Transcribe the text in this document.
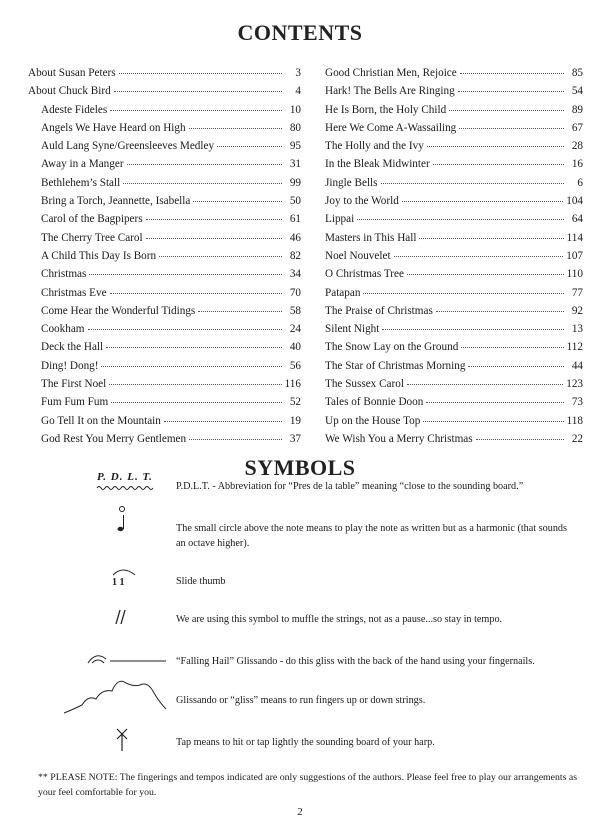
CONTENTS
About Susan Peters	3
About Chuck Bird	4
Adeste Fideles	10
Angels We Have Heard on High	80
Auld Lang Syne/Greensleeves Medley	95
Away in a Manger	31
Bethlehem’s Stall	99
Bring a Torch, Jeannette, Isabella	50
Carol of the Bagpipers	61
The Cherry Tree Carol	46
A Child This Day Is Born	82
Christmas	34
Christmas Eve	70
Come Hear the Wonderful Tidings	58
Cookham	24
Deck the Hall	40
Ding! Dong!	56
The First Noel	116
Fum Fum Fum	52
Go Tell It on the Mountain	19
God Rest You Merry Gentlemen	37
Good Christian Men, Rejoice	85
Hark! The Bells Are Ringing	54
He Is Born, the Holy Child	89
Here We Come A-Wassailing	67
The Holly and the Ivy	28
In the Bleak Midwinter	16
Jingle Bells	6
Joy to the World	104
Lippai	64
Masters in This Hall	114
Noel Nouvelet	107
O Christmas Tree	110
Patapan	77
The Praise of Christmas	92
Silent Night	13
The Snow Lay on the Ground	112
The Star of Christmas Morning	44
The Sussex Carol	123
Tales of Bonnie Doon	73
Up on the House Top	118
We Wish You a Merry Christmas	22
SYMBOLS
P. D. L. T.
P.D.L.T. - Abbreviation for “Pres de la table” meaning “close to the sounding board.”
The small circle above the note means to play the note as written but as a harmonic (that sounds an octave higher).
1 1	Slide thumb
We are using this symbol to muffle the strings, not as a pause...so stay in tempo.
“Falling Hail” Glissando - do this gliss with the back of the hand using your fingernails.
Glissando or “gliss” means to run fingers up or down strings.
Tap means to hit or tap lightly the sounding board of your harp.
** PLEASE NOTE: The fingerings and tempos indicated are only suggestions of the authors. Please feel free to play our arrangements as your feel comfortable for you.
2
